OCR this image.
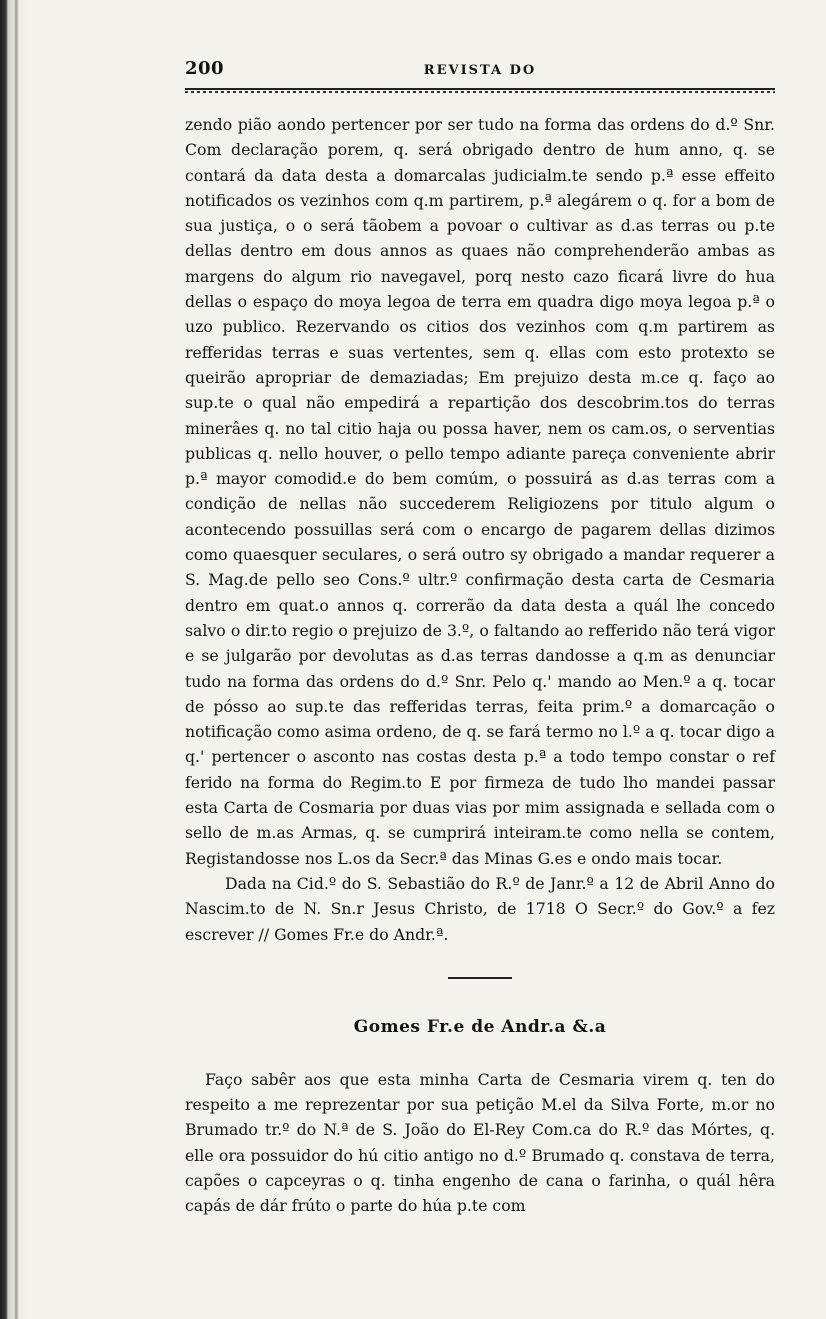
200	REVISTA DO

zendo pião aondo pertencer por ser tudo na forma das ordens do d.º Snr. Com declaração porem, q. será obrigado dentro de hum anno, q. se contará da data desta a domarcalas judicialm.te sendo p.ª esse effeito notificados os vezinhos com q.m partirem, p.ª alegárem o q. for a bom de sua justiça, o o será tãobem a povoar o cultivar as d.as terras ou p.te dellas dentro em dous annos as quaes não comprehenderão ambas as margens do algum rio navegavel, porq nesto cazo ficará livre do hua dellas o espaço do moya legoa de terra em quadra digo moya legoa p.ª o uzo publico. Rezervando os citios dos vezinhos com q.m partirem as refferidas terras e suas vertentes, sem q. ellas com esto protexto se queirão apropriar de demaziadas; Em prejuizo desta m.ce q. faço ao sup.te o qual não empedirá a repartição dos descobrim.tos do terras minerâes q. no tal citio haja ou possa haver, nem os cam.os, o serventias publicas q. nello houver, o pello tempo adiante pareça conveniente abrir p.ª mayor comodid.e do bem comúm, o possuirá as d.as terras com a condição de nellas não succederem Religiozens por titulo algum o acontecendo possuillas será com o encargo de pagarem dellas dizimos como quaesquer seculares, o será outro sy obrigado a mandar requerer a S. Mag.de pello seo Cons.º ultr.º confirmação desta carta de Cesmaria dentro em quat.o annos q. correrão da data desta a quál lhe concedo salvo o dir.to regio o prejuizo de 3.º, o faltando ao refferido não terá vigor e se julgarão por devolutas as d.as terras dandosse a q.m as denunciar tudo na forma das ordens do d.º Snr. Pelo q.' mando ao Men.º a q. tocar de pósso ao sup.te das refferidas terras, feita prim.º a domarcação o notificação como asima ordeno, de q. se fará termo no l.º a q. tocar digo a q.' pertencer o asconto nas costas desta p.ª a todo tempo constar o ref ferido na forma do Regim.to E por firmeza de tudo lho mandei passar esta Carta de Cosmaria por duas vias por mim assignada e sellada com o sello de m.as Armas, q. se cumprirá inteiram.te como nella se contem, Registandosse nos L.os da Secr.ª das Minas G.es e ondo mais tocar.

Dada na Cid.º do S. Sebastião do R.º de Janr.º a 12 de Abril Anno do Nascim.to de N. Sn.r Jesus Christo, de 1718 O Secr.º do Gov.º a fez escrever // Gomes Fr.e do Andr.ª.

Gomes Fr.e de Andr.a &.a
Faço sabêr aos que esta minha Carta de Cesmaria virem q. ten do respeito a me reprezentar por sua petição M.el da Silva Forte, m.or no Brumado tr.º do N.ª de S. João do El-Rey Com.ca do R.º das Mórtes, q. elle ora possuidor do hú citio antigo no d.º Brumado q. constava de terra, capões o capceyras o q. tinha engenho de cana o farinha, o quál hêra capás de dár frúto o parte do húa p.te com
